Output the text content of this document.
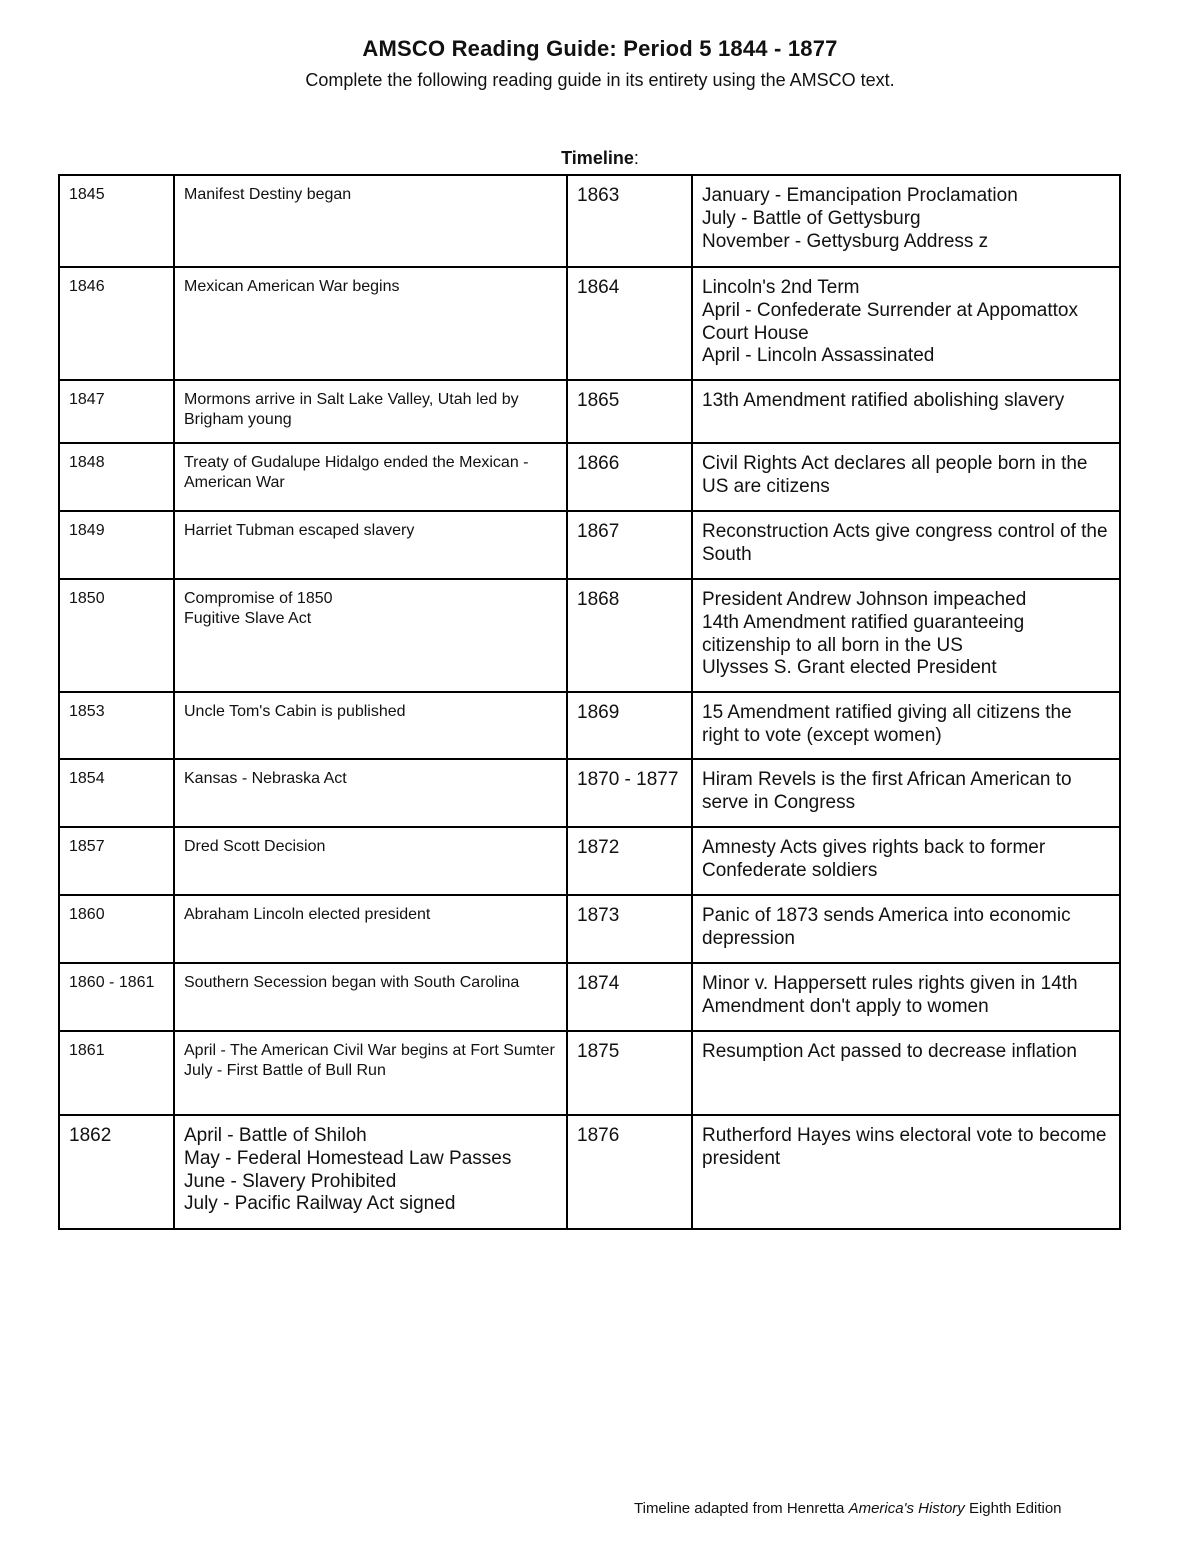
AMSCO Reading Guide: Period 5 1844 - 1877
Complete the following reading guide in its entirety using the AMSCO text.
Timeline:
1845	Manifest Destiny began	1863	January - Emancipation Proclamation
July - Battle of Gettysburg
November - Gettysburg Address z
1846	Mexican American War begins	1864	Lincoln's 2nd Term
April - Confederate Surrender at Appomattox Court House
April - Lincoln Assassinated
1847	Mormons arrive in Salt Lake Valley, Utah led by Brigham young	1865	13th Amendment ratified abolishing slavery
1848	Treaty of Gudalupe Hidalgo ended the Mexican - American War	1866	Civil Rights Act declares all people born in the US are citizens
1849	Harriet Tubman escaped slavery	1867	Reconstruction Acts give congress control of the South
1850	Compromise of 1850
Fugitive Slave Act	1868	President Andrew Johnson impeached
14th Amendment ratified guaranteeing citizenship to all born in the US
Ulysses S. Grant elected President
1853	Uncle Tom's Cabin is published	1869	15 Amendment ratified giving all citizens the right to vote (except women)
1854	Kansas - Nebraska Act	1870 - 1877	Hiram Revels is the first African American to serve in Congress
1857	Dred Scott Decision	1872	Amnesty Acts gives rights back to former Confederate soldiers
1860	Abraham Lincoln elected president	1873	Panic of 1873 sends America into economic depression
1860 - 1861	Southern Secession began with South Carolina	1874	Minor v. Happersett rules rights given in 14th Amendment don't apply to women
1861	April - The American Civil War begins at Fort Sumter
July - First Battle of Bull Run	1875	Resumption Act passed to decrease inflation
1862	April - Battle of Shiloh
May - Federal Homestead Law Passes
June - Slavery Prohibited
July - Pacific Railway Act signed	1876	Rutherford Hayes wins electoral vote to become president
Timeline adapted from Henretta America's History Eighth Edition
